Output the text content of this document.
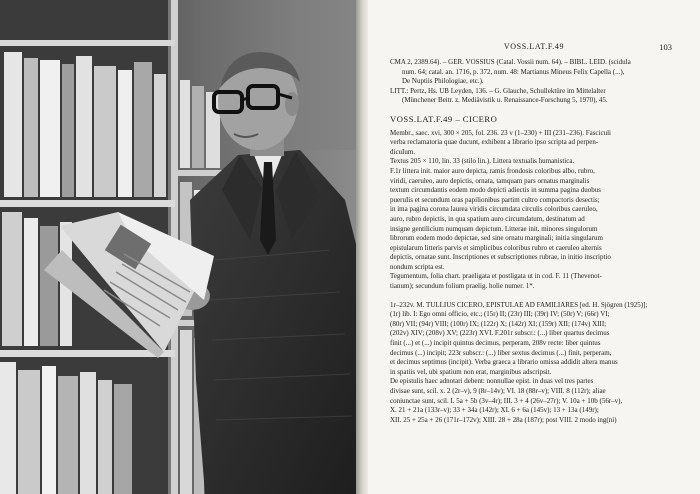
VOSS.LAT.F.49	103

CMA 2, 2389.64). – GER. VOSSIUS (Catal. Vossii num. 64). – BIBL. LEID. (scidula

num. 64; catal. an. 1716, p. 372, num. 48: Martianus Mineus Felix Capella (...),

De Nuptiis Philologiae, etc.).

LITT.: Pertz, Hs. UB Leyden, 136. – G. Glauche, Schullektüre im Mittelalter

(Münchener Beitr. z. Mediävistik u. Renaissance-Forschung 5, 1970), 45.

VOSS.LAT.F.49 – CICERO

Membr., saec. xvi, 300 × 205, fol. 236. 23 v (1–230) + III (231–236). Fasciculi

verba reclamatoria quae ducunt, exhibent a librario ipso scripta ad perpen-

dicuIum.

Textus 205 × 110, lin. 33 (stilo lin.). Littera textualis humanistica.

F.1r littera init. maior auro depicta, ramis frondosis coloribus albo, rubro,

viridi, caeruleo, auro depictis, ornata, tamquam pars ornatus marginalis

textum circumdantis eodem modo depicti adiectis in summa pagina duobus

pueruIis et secundum oras papilionibus partim cultro compactoris desectis;

in ima pagina corona laurea viridis circumdata circulis coloribus caeruleo,

auro, rubro depictis, in qua spatium auro circumdatum, destinatum ad

insigne gentilicium numquam depictum. Litterae init. minores singulorum

librorum eodem modo depictae, sed sine ornatu marginali; initia singularum

epistularum litteris parvis et simplicibus coloribus rubro et caeruleo alternis

depictis, ornatae sunt. Inscriptiones et subscriptiones rubrae, in initio inscriptio

nondum scripta est.

Tegumentum, folia chart. praeligata et postligata ut in cod. F. 11 (Thevenot-

tianum); secundum folium praelig. holie numer. 1*.

1r–232v. M. TULLIUS CICERO, EPISTULAE AD FAMILIARES [ed. H. Sjögren (1925)];

(1r) lib. I: Ego omni officio, etc.; (15r) II; (23r) III; (39r) IV; (50r) V; (66r) VI;

(80r) VII; (94r) VIII; (100r) IX; (122r) X; (142r) XI; (159r) XII; (174v) XIII;

(202v) XIV; (208v) XV; (223r) XVI. F.201r subscr.: (...) liber quartus decimus

finit (...) et (...) incipit quintus decimus, perperam, 208v recte: liber quintus

decimus (...) incipit; 223r subscr.: (...) liber sextus decimus (...) finit, perperam,

et decimus septimus (incipit). Verba graeca a librario omissa addidit altera manus

in spatiis vel, ubi spatium non erat, marginibus adscripsit.

De epistulis haec adnotari debent: nonnullae epist. in duas vel tres partes

divisae sunt, scil. x. 2 (2r–v), 9 (8r–14v); VI. 18 (88r–v); VIII. 8 (112r); aliae

coniunctae sunt, scil. I. 5a + 5b (3v–4r); III. 3 + 4 (26v–27r); V. 10a + 10b (56r–v),

X. 21 + 21a (133r–v); 33 + 34a (142r); XI. 6 + 6a (145v); 13 + 13a (149r);

XII. 25 + 25a + 26 (171r–172v); XIII. 28 + 28a (187r); post VIII. 2 modo ing(ni)
